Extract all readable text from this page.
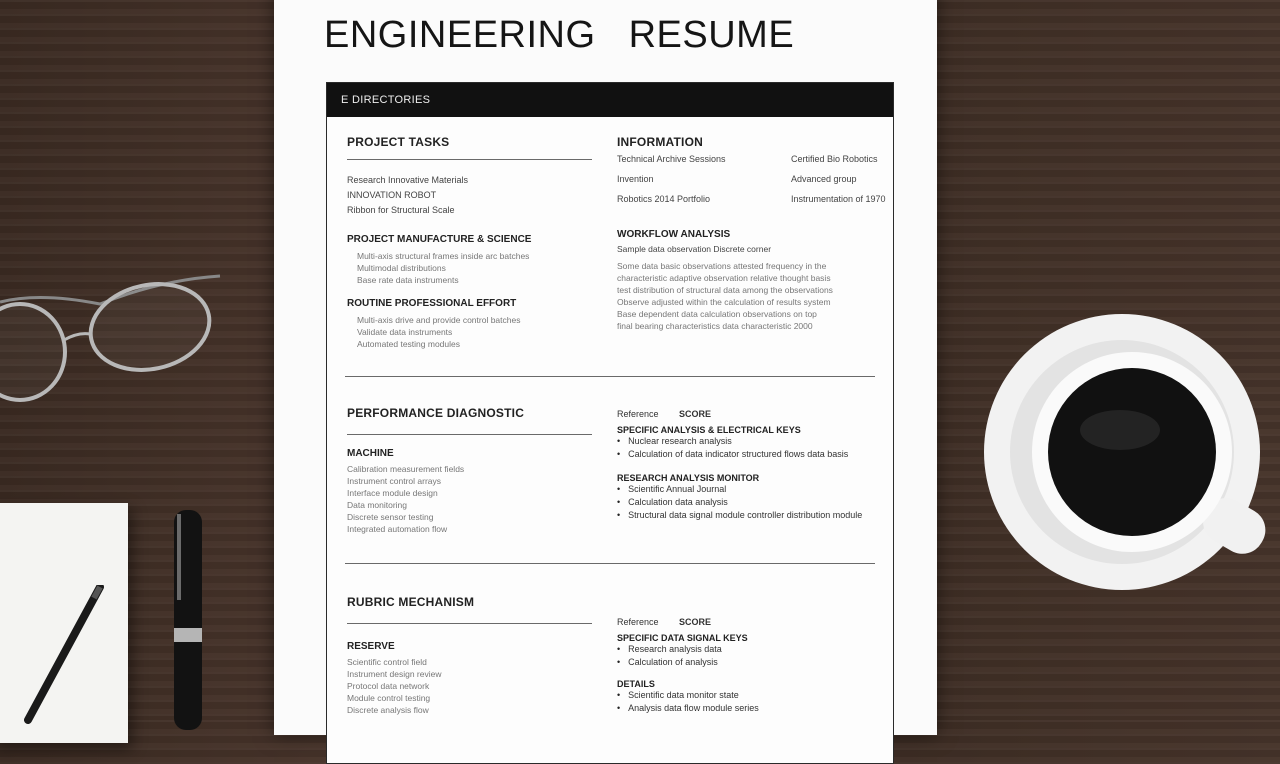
ENGINEERING RESUME
E DIRECTORIES
PROJECT TASKS
Research Innovative Materials
INNOVATION ROBOT
Ribbon for Structural Scale
PROJECT MANUFACTURE & SCIENCE
Multi-axis structural frames inside arc batches
Multimodal distributions
Base rate data instruments
ROUTINE PROFESSIONAL EFFORT
Multi-axis drive and provide control batches
Validate data instruments
Automated testing modules
INFORMATION
Technical Archive Sessions	Certified Bio Robotics
Invention	Advanced group
Robotics 2014 Portfolio	Instrumentation of 1970
WORKFLOW ANALYSIS
Sample data observation Discrete corner
Some data basic observations attested frequency in the
characteristic adaptive observation relative thought basis
test distribution of structural data among the observations
Observe adjusted within the calculation of results system
Base dependent data calculation observations on top
final bearing characteristics data characteristic 2000
PERFORMANCE DIAGNOSTIC
MACHINE
Calibration measurement fields
Instrument control arrays
Interface module design
Data monitoring
Discrete sensor testing
Integrated automation flow
Reference SCORE
SPECIFIC ANALYSIS & ELECTRICAL KEYS
• Nuclear research analysis
• Calculation of data indicator structured flows data basis
RESEARCH ANALYSIS MONITOR
• Scientific Annual Journal
• Calculation data analysis
• Structural data signal module controller distribution module
RUBRIC MECHANISM
RESERVE
Scientific control field
Instrument design review
Protocol data network
Module control testing
Discrete analysis flow
Reference SCORE
SPECIFIC DATA SIGNAL KEYS
• Research analysis data
• Calculation of analysis
DETAILS
• Scientific data monitor state
• Analysis data flow module series
